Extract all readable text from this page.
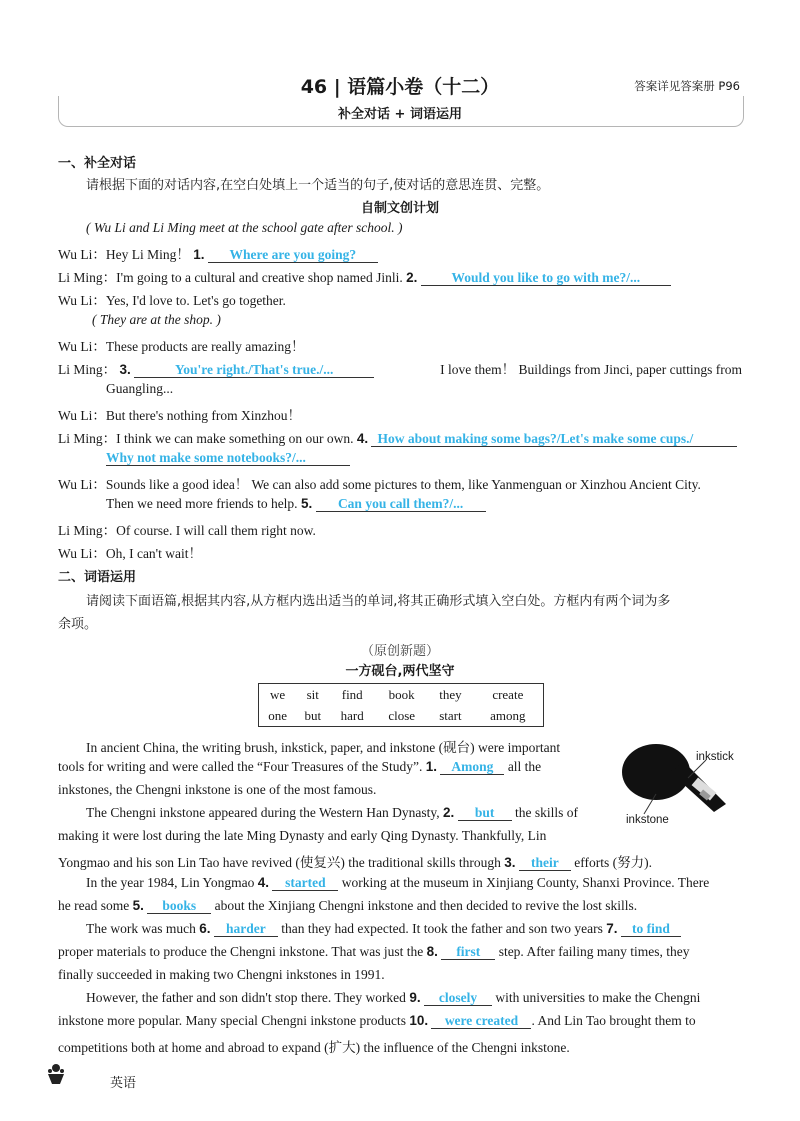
46 | 语篇小卷（十二）	答案详见答案册 P96
补全对话 + 词语运用
一、补全对话
请根据下面的对话内容,在空白处填上一个适当的句子,使对话的意思连贯、完整。
自制文创计划
( Wu Li and Li Ming meet at the school gate after school. )
Wu Li：Hey Li Ming！ 1. Where are you going?
Li Ming：I'm going to a cultural and creative shop named Jinli. 2.	Would you like to go with me?/...
Wu Li：Yes, I'd love to. Let's go together.
( They are at the shop. )
Wu Li：These products are really amazing！
Li Ming： 3.	You're right./That's true./...	I love them！ Buildings from Jinci, paper cuttings from
Guangling...
Wu Li：But there's nothing from Xinzhou！
Li Ming：I think we can make something on our own. 4. How about making some bags?/Let's make some cups./
Why not make some notebooks?/...
Wu Li：Sounds like a good idea！ We can also add some pictures to them, like Yanmenguan or Xinzhou Ancient City.
Then we need more friends to help. 5. Can you call them?/...
Li Ming：Of course. I will call them right now.
Wu Li：Oh, I can't wait！
二、词语运用
请阅读下面语篇,根据其内容,从方框内选出适当的单词,将其正确形式填入空白处。方框内有两个词为多
余项。
（原创新题）
一方砚台,两代坚守
we	sit	find	book	they	create
one	but	hard	close	start	among
inkstick
inkstone
In ancient China, the writing brush, inkstick, paper, and inkstone (砚台) were important
tools for writing and were called the “Four Treasures of the Study”. 1. Among all the
inkstones, the Chengni inkstone is one of the most famous.
The Chengni inkstone appeared during the Western Han Dynasty, 2. but the skills of
making it were lost during the late Ming Dynasty and early Qing Dynasty. Thankfully, Lin
Yongmao and his son Lin Tao have revived (使复兴) the traditional skills through 3. their efforts (努力).
In the year 1984, Lin Yongmao 4. started working at the museum in Xinjiang County, Shanxi Province. There
he read some 5. books about the Xinjiang Chengni inkstone and then decided to revive the lost skills.
The work was much 6. harder than they had expected. It took the father and son two years 7. to find
proper materials to produce the Chengni inkstone. That was just the 8. first step. After failing many times, they
finally succeeded in making two Chengni inkstones in 1991.
However, the father and son didn't stop there. They worked 9. closely with universities to make the Chengni
inkstone more popular. Many special Chengni inkstone products 10. were created . And Lin Tao brought them to
competitions both at home and abroad to expand (扩大) the influence of the Chengni inkstone.
英语
